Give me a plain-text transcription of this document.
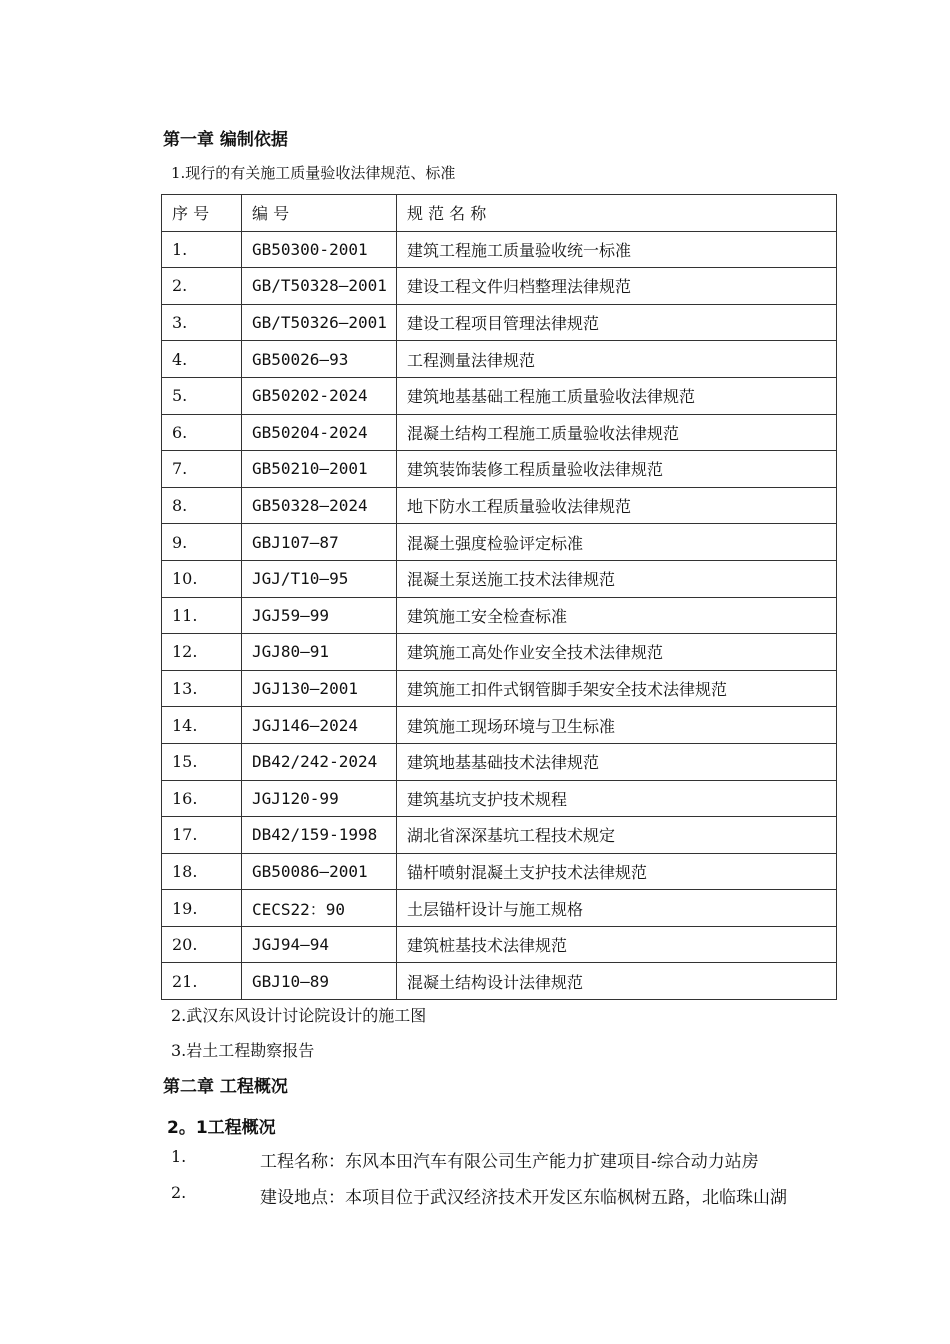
第一章 编制依据
1.现行的有关施工质量验收法律规范、标准
序 号	编 号	规 范 名 称
1.	GB50300-2001	建筑工程施工质量验收统一标准
2.	GB/T50328—2001	建设工程文件归档整理法律规范
3.	GB/T50326—2001	建设工程项目管理法律规范
4.	GB50026—93	工程测量法律规范
5.	GB50202-2024	建筑地基基础工程施工质量验收法律规范
6.	GB50204-2024	混凝土结构工程施工质量验收法律规范
7.	GB50210—2001	建筑装饰装修工程质量验收法律规范
8.	GB50328—2024	地下防水工程质量验收法律规范
9.	GBJ107—87	混凝土强度检验评定标准
10.	JGJ/T10—95	混凝土泵送施工技术法律规范
11.	JGJ59—99	建筑施工安全检查标准
12.	JGJ80—91	建筑施工高处作业安全技术法律规范
13.	JGJ130—2001	建筑施工扣件式钢管脚手架安全技术法律规范
14.	JGJ146—2024	建筑施工现场环境与卫生标准
15.	DB42/242-2024	建筑地基基础技术法律规范
16.	JGJ120-99	建筑基坑支护技术规程
17.	DB42/159-1998	湖北省深深基坑工程技术规定
18.	GB50086—2001	锚杆喷射混凝土支护技术法律规范
19.	CECS22：90	土层锚杆设计与施工规格
20.	JGJ94—94	建筑桩基技术法律规范
21.	GBJ10—89	混凝土结构设计法律规范
2.武汉东风设计讨论院设计的施工图
3.岩土工程勘察报告
第二章 工程概况
2。1工程概况
1.	工程名称：东风本田汽车有限公司生产能力扩建项目-综合动力站房
2.	建设地点：本项目位于武汉经济技术开发区东临枫树五路，北临珠山湖
